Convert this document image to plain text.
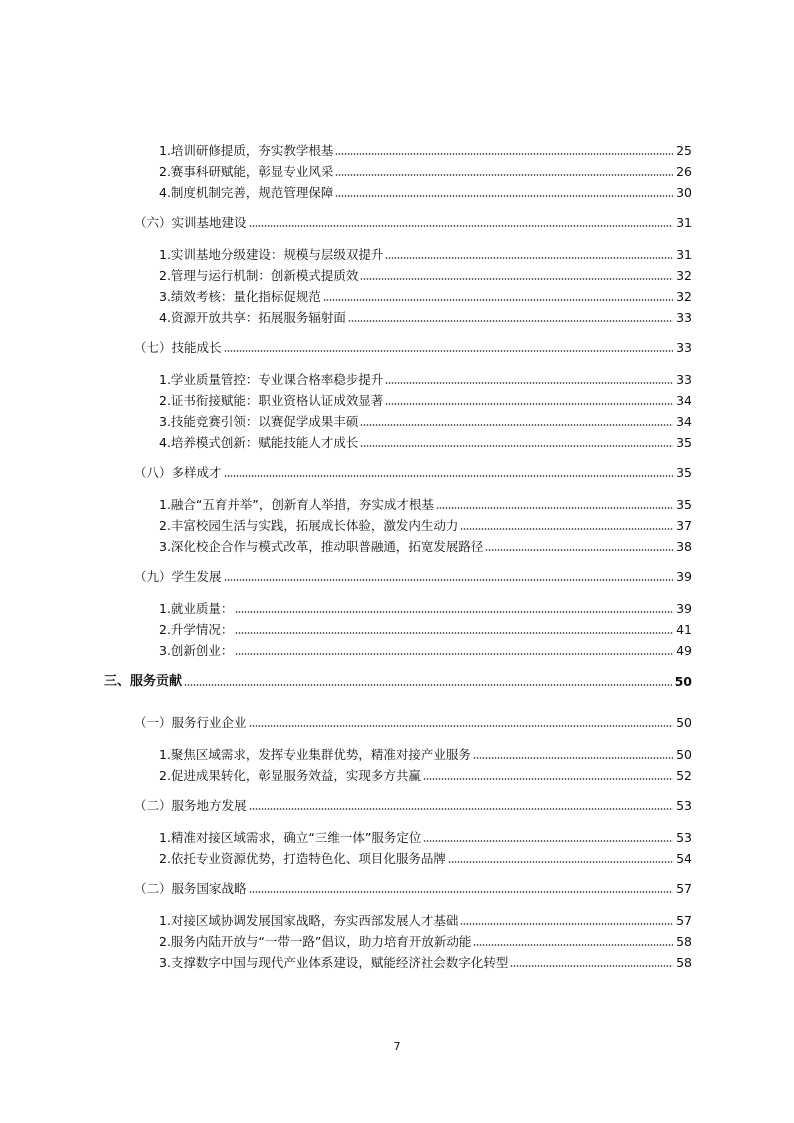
1.培训研修提质，夯实教学根基	25
2.赛事科研赋能，彰显专业风采	26
4.制度机制完善，规范管理保障	30
（六）实训基地建设	31
1.实训基地分级建设：规模与层级双提升	31
2.管理与运行机制：创新模式提质效	32
3.绩效考核：量化指标促规范	32
4.资源开放共享：拓展服务辐射面	33
（七）技能成长	33
1.学业质量管控：专业课合格率稳步提升	33
2.证书衔接赋能：职业资格认证成效显著	34
3.技能竞赛引领：以赛促学成果丰硕	34
4.培养模式创新：赋能技能人才成长	35
（八）多样成才	35
1.融合“五育并举”，创新育人举措，夯实成才根基	35
2.丰富校园生活与实践，拓展成长体验，激发内生动力	37
3.深化校企合作与模式改革，推动职普融通，拓宽发展路径	38
（九）学生发展	39
1.就业质量：	39
2.升学情况：	41
3.创新创业：	49
三、服务贡献	50
（一）服务行业企业	50
1.聚焦区域需求，发挥专业集群优势，精准对接产业服务	50
2.促进成果转化，彰显服务效益，实现多方共赢	52
（二）服务地方发展	53
1.精准对接区域需求，确立“三维一体”服务定位	53
2.依托专业资源优势，打造特色化、项目化服务品牌	54
（二）服务国家战略	57
1.对接区域协调发展国家战略，夯实西部发展人才基础	57
2.服务内陆开放与“一带一路”倡议，助力培育开放新动能	58
3.支撑数字中国与现代产业体系建设，赋能经济社会数字化转型	58
7
